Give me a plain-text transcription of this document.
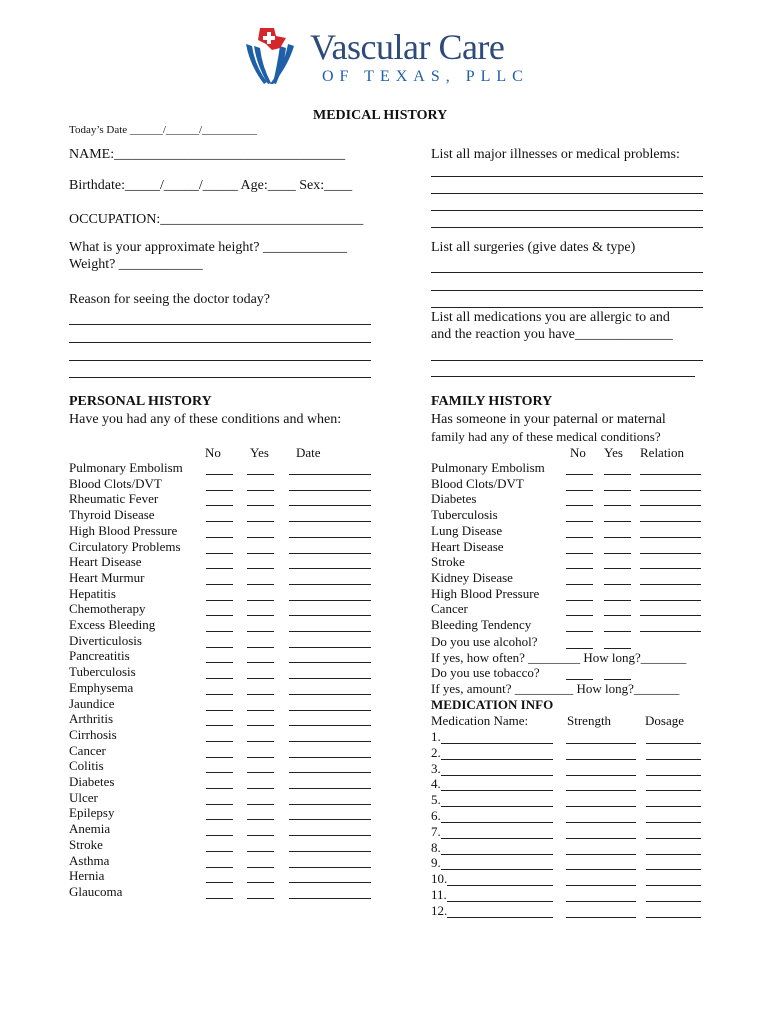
Vascular Care
OF TEXAS, PLLC
MEDICAL HISTORY
Today’s Date ______/______/__________
NAME:_________________________________
Birthdate:_____/_____/_____ Age:____ Sex:____
OCCUPATION:_____________________________
What is your approximate height? ____________
Weight? ____________
Reason for seeing the doctor today?
List all major illnesses or medical problems:
List all surgeries (give dates & type)
List all medications you are allergic to and
and the reaction you have______________
PERSONAL HISTORY
Have you had any of these conditions and when:
No Yes Date
Pulmonary Embolism
Blood Clots/DVT
Rheumatic Fever
Thyroid Disease
High Blood Pressure
Circulatory Problems
Heart Disease
Heart Murmur
Hepatitis
Chemotherapy
Excess Bleeding
Diverticulosis
Pancreatitis
Tuberculosis
Emphysema
Jaundice
Arthritis
Cirrhosis
Cancer
Colitis
Diabetes
Ulcer
Epilepsy
Anemia
Stroke
Asthma
Hernia
Glaucoma
FAMILY HISTORY
Has someone in your paternal or maternal
family had any of these medical conditions?
No Yes Relation
Pulmonary Embolism
Blood Clots/DVT
Diabetes
Tuberculosis
Lung Disease
Heart Disease
Stroke
Kidney Disease
High Blood Pressure
Cancer
Bleeding Tendency
Do you use alcohol?
If yes, how often? ________ How long?_______
Do you use tobacco?
If yes, amount? _________ How long?_______
MEDICATION INFO
Medication Name:	Strength	Dosage
1.
2.
3.
4.
5.
6.
7.
8.
9.
10.
11.
12.
